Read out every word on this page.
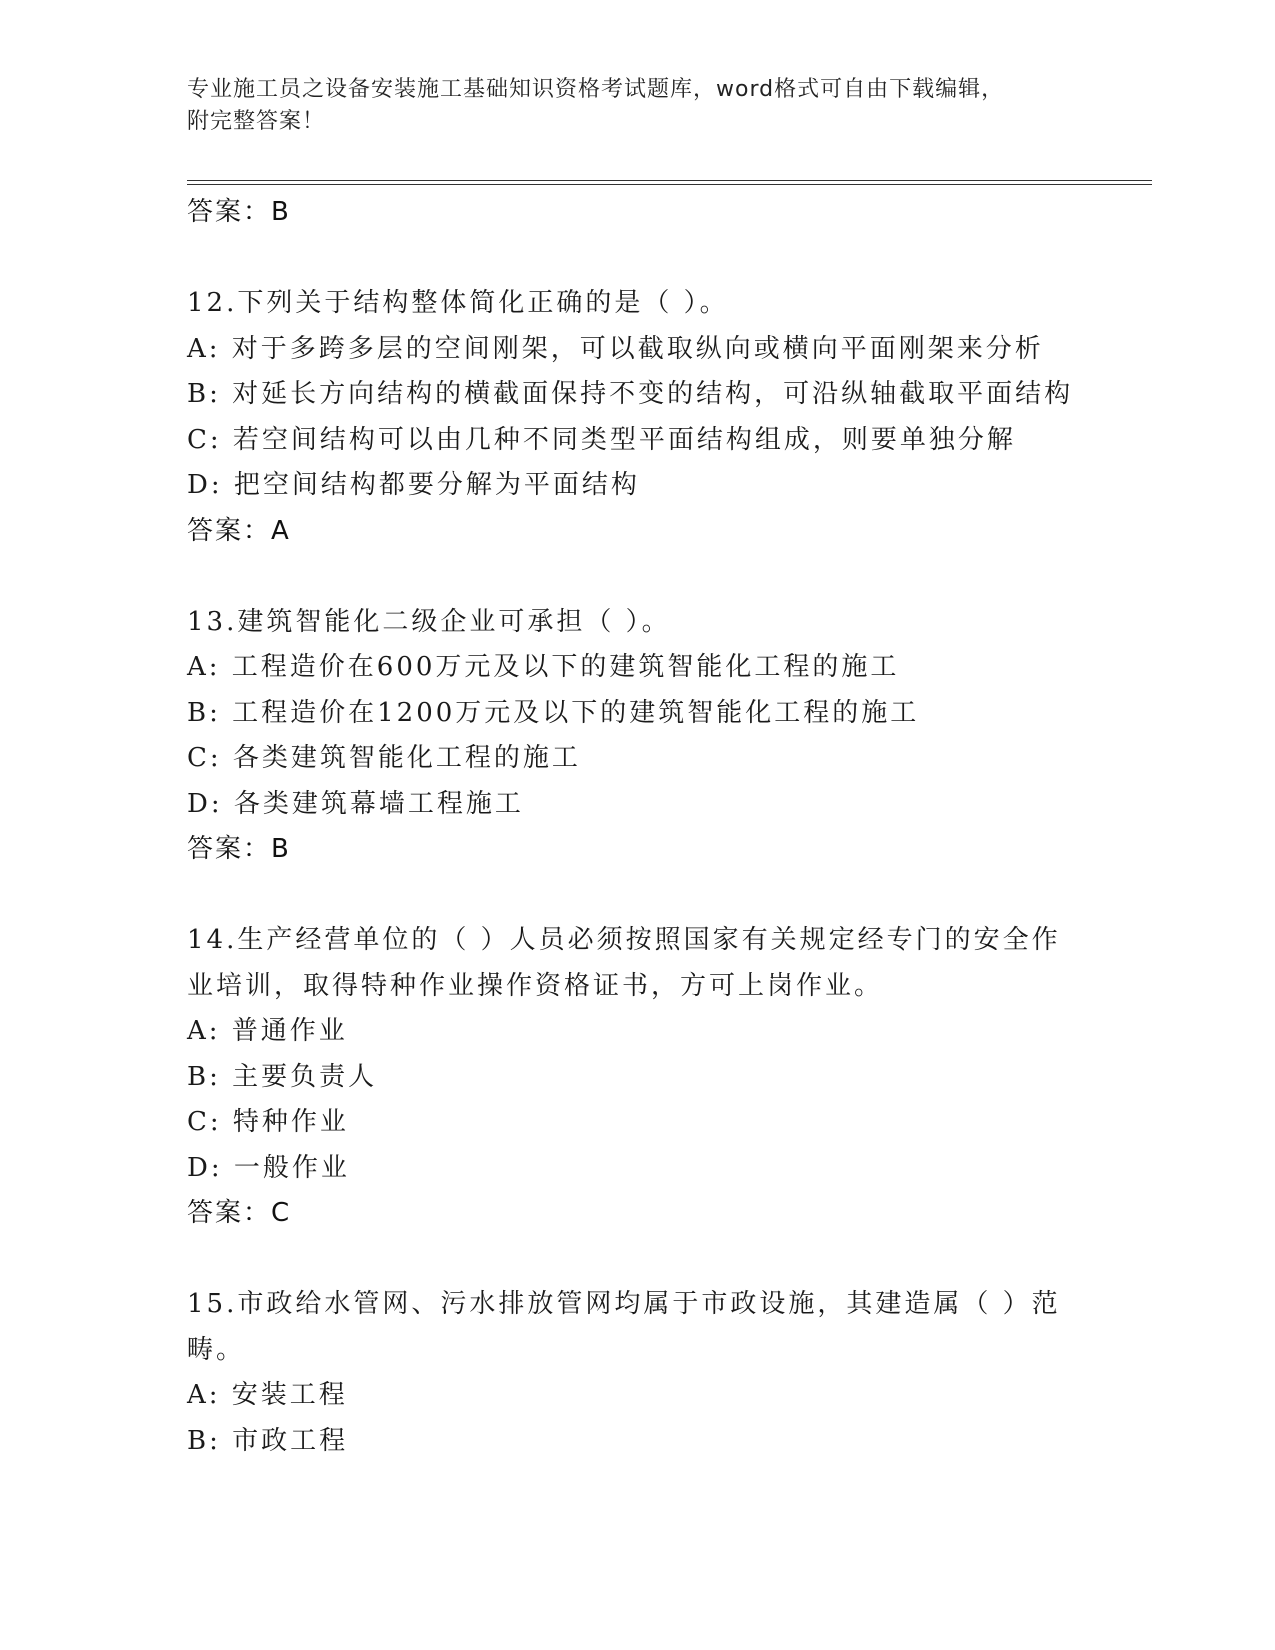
专业施工员之设备安装施工基础知识资格考试题库，word格式可自由下载编辑，
附完整答案！
答案：B
12.下列关于结构整体简化正确的是（ ）。
A: 对于多跨多层的空间刚架，可以截取纵向或横向平面刚架来分析
B: 对延长方向结构的横截面保持不变的结构，可沿纵轴截取平面结构
C: 若空间结构可以由几种不同类型平面结构组成，则要单独分解
D: 把空间结构都要分解为平面结构
答案：A
13.建筑智能化二级企业可承担（ ）。
A: 工程造价在600万元及以下的建筑智能化工程的施工
B: 工程造价在1200万元及以下的建筑智能化工程的施工
C: 各类建筑智能化工程的施工
D: 各类建筑幕墙工程施工
答案：B
14.生产经营单位的（ ）人员必须按照国家有关规定经专门的安全作
业培训，取得特种作业操作资格证书，方可上岗作业。
A: 普通作业
B: 主要负责人
C: 特种作业
D: 一般作业
答案：C
15.市政给水管网、污水排放管网均属于市政设施，其建造属（ ）范
畴。
A: 安装工程
B: 市政工程
